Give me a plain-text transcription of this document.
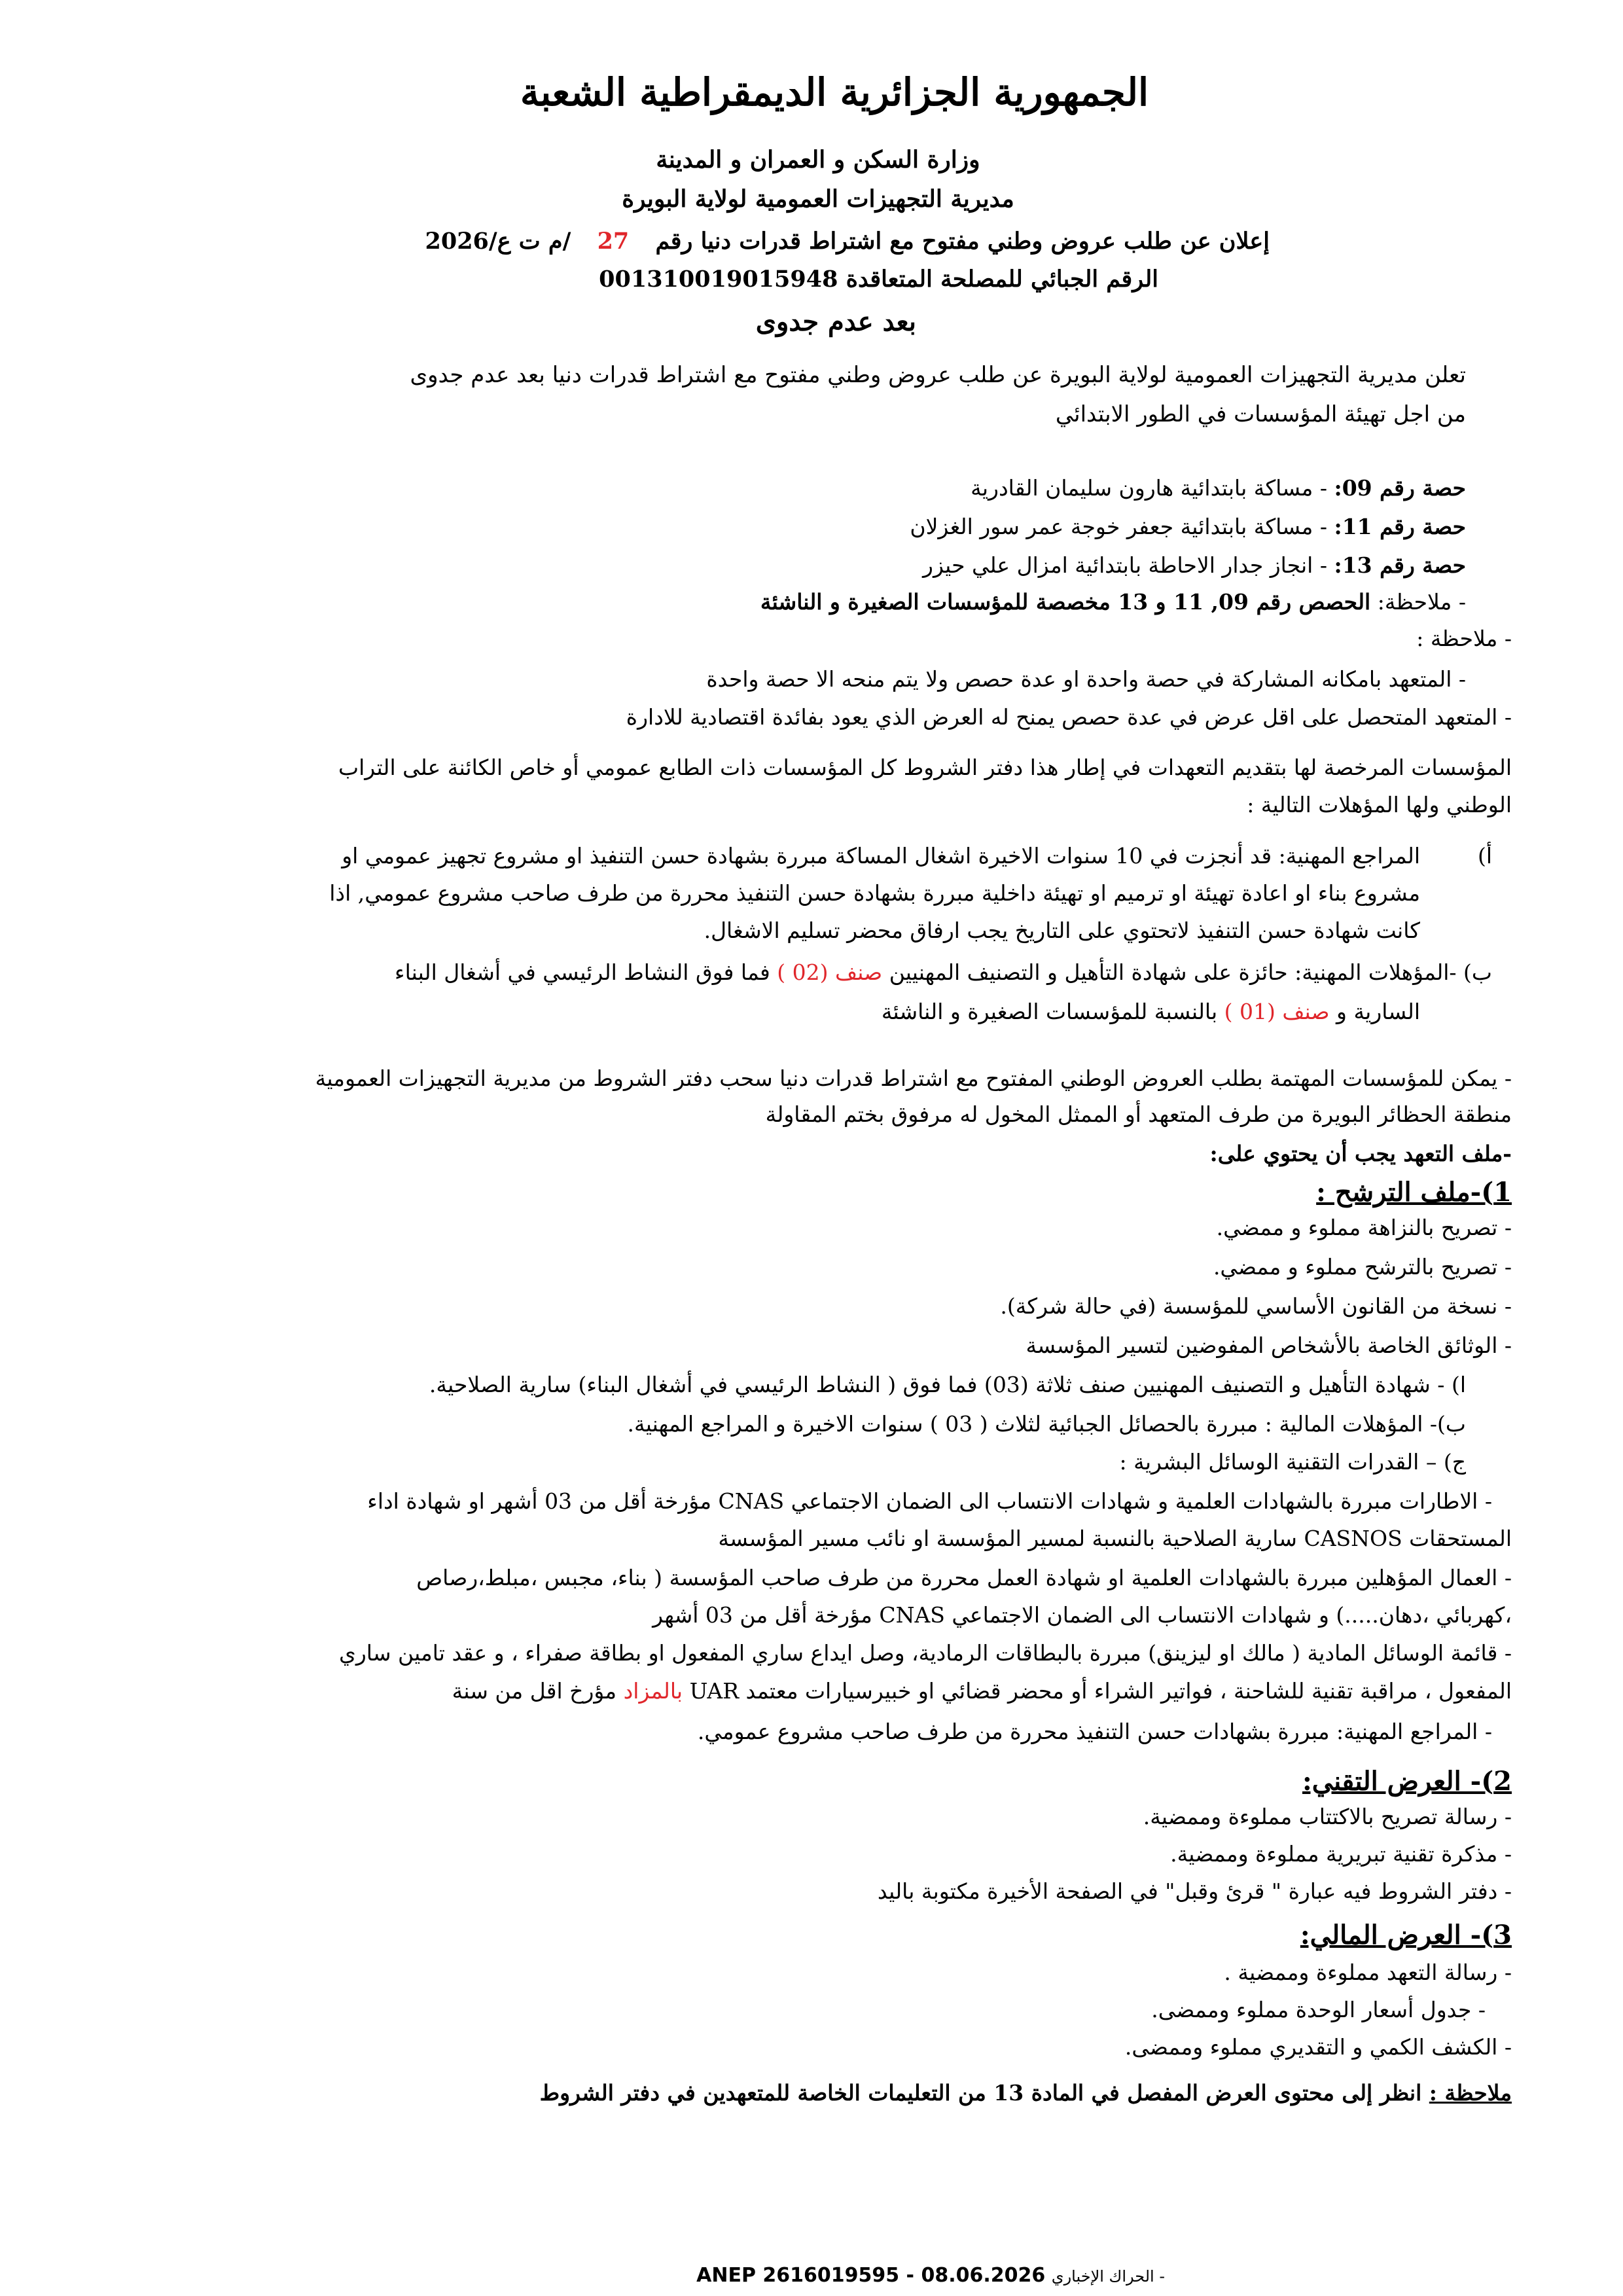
الجمهورية الجزائرية الديمقراطية الشعبة
وزارة السكن و العمران و المدينة
مديرية التجهيزات العمومية لولاية البويرة
إعلان عن طلب عروض وطني مفتوح مع اشتراط قدرات دنيا رقم 27 /م ت ع/2026
الرقم الجبائي للمصلحة المتعاقدة 001310019015948
بعد عدم جدوى
تعلن مديرية التجهيزات العمومية لولاية البويرة عن طلب عروض وطني مفتوح مع اشتراط قدرات دنيا بعد عدم جدوى
من اجل تهيئة المؤسسات في الطور الابتدائي
حصة رقم 09: - مساكة بابتدائية هارون سليمان القادرية
حصة رقم 11: - مساكة بابتدائية جعفر خوجة عمر سور الغزلان
حصة رقم 13: - انجاز جدار الاحاطة بابتدائية امزال علي حيزر
- ملاحظة: الحصص رقم 09, 11 و 13 مخصصة للمؤسسات الصغيرة و الناشئة
- ملاحظة :
- المتعهد بامكانه المشاركة في حصة واحدة او عدة حصص ولا يتم منحه الا حصة واحدة
- المتعهد المتحصل على اقل عرض في عدة حصص يمنح له العرض الذي يعود بفائدة اقتصادية للادارة
المؤسسات المرخصة لها بتقديم التعهدات في إطار هذا دفتر الشروط كل المؤسسات ذات الطابع عمومي أو خاص الكائنة على التراب
الوطني ولها المؤهلات التالية :
أ)
المراجع المهنية: قد أنجزت في 10 سنوات الاخيرة اشغال المساكة مبررة بشهادة حسن التنفيذ او مشروع تجهيز عمومي او
مشروع بناء او اعادة تهيئة او ترميم او تهيئة داخلية مبررة بشهادة حسن التنفيذ محررة من طرف صاحب مشروع عمومي, اذا
كانت شهادة حسن التنفيذ لاتحتوي على التاريخ يجب ارفاق محضر تسليم الاشغال.
ب) -المؤهلات المهنية: حائزة على شهادة التأهيل و التصنيف المهنيين صنف (02 ) فما فوق النشاط الرئيسي في أشغال البناء
السارية و صنف (01 ) بالنسبة للمؤسسات الصغيرة و الناشئة
- يمكن للمؤسسات المهتمة بطلب العروض الوطني المفتوح مع اشتراط قدرات دنيا سحب دفتر الشروط من مديرية التجهيزات العمومية
منطقة الحظائر البويرة من طرف المتعهد أو الممثل المخول له مرفوق بختم المقاولة
-ملف التعهد يجب أن يحتوي على:
1)-ملف الترشح :
- تصريح بالنزاهة مملوء و ممضي.
- تصريح بالترشح مملوء و ممضي.
- نسخة من القانون الأساسي للمؤسسة (في حالة شركة).
- الوثائق الخاصة بالأشخاص المفوضين لتسير المؤسسة
ا) - شهادة التأهيل و التصنيف المهنيين صنف ثلاثة (03) فما فوق ( النشاط الرئيسي في أشغال البناء) سارية الصلاحية.
ب)- المؤهلات المالية : مبررة بالحصائل الجبائية لثلاث ( 03 ) سنوات الاخيرة و المراجع المهنية.
ج) – القدرات التقنية الوسائل البشرية :
- الاطارات مبررة بالشهادات العلمية و شهادات الانتساب الى الضمان الاجتماعي CNAS مؤرخة أقل من 03 أشهر او شهادة اداء
المستحقات CASNOS سارية الصلاحية بالنسبة لمسير المؤسسة او نائب مسير المؤسسة
- العمال المؤهلين مبررة بالشهادات العلمية او شهادة العمل محررة من طرف صاحب المؤسسة ( بناء، مجبس ،مبلط،رصاص
،كهربائي ،دهان.....) و شهادات الانتساب الى الضمان الاجتماعي CNAS مؤرخة أقل من 03 أشهر
- قائمة الوسائل المادية ( مالك او ليزينق) مبررة بالبطاقات الرمادية، وصل ايداع ساري المفعول او بطاقة صفراء ، و عقد تامين ساري
المفعول ، مراقبة تقنية للشاحنة ، فواتير الشراء أو محضر قضائي او خبيرسيارات معتمد UAR بالمزاد مؤرخ اقل من سنة
- المراجع المهنية: مبررة بشهادات حسن التنفيذ محررة من طرف صاحب مشروع عمومي.
2)- العرض التقني:
- رسالة تصريح بالاكتتاب مملوءة وممضية.
- مذكرة تقنية تبريرية مملوءة وممضية.
- دفتر الشروط فيه عبارة " قرئ وقبل" في الصفحة الأخيرة مكتوبة باليد
3)- العرض المالي:
- رسالة التعهد مملوءة وممضية .
- جدول أسعار الوحدة مملوء وممضى.
- الكشف الكمي و التقديري مملوء وممضى.
ملاحظة : انظر إلى محتوى العرض المفصل في المادة 13 من التعليمات الخاصة للمتعهدين في دفتر الشروط
- الحراك الإخباري ANEP 2616019595 - 08.06.2026
